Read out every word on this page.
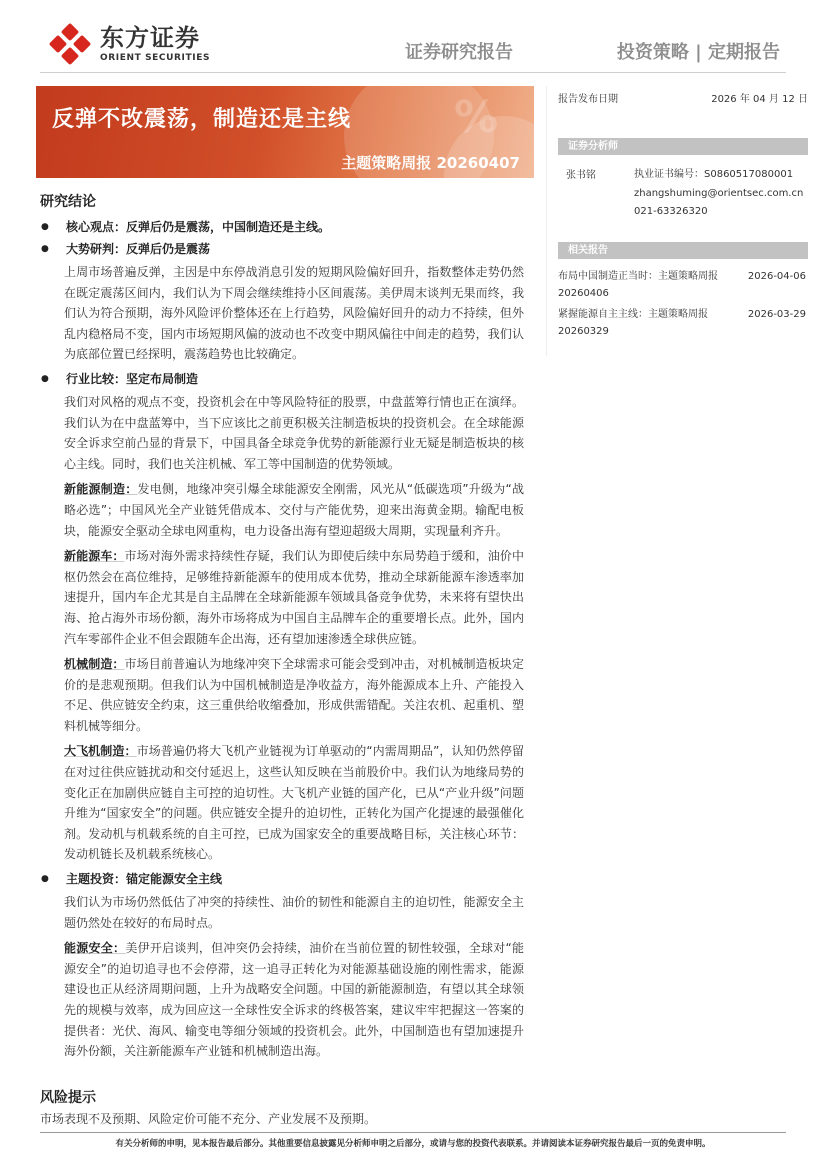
东方证券
ORIENT SECURITIES	证券研究报告	投资策略 | 定期报告
%
反弹不改震荡，制造还是主线
主题策略周报 20260407
报告发布日期	2026 年 04 月 12 日
证券分析师
张书铭	执业证书编号：S0860517080001
zhangshuming@orientsec.com.cn
021-63326320
相关报告
布局中国制造正当时：主题策略周报 20260406
2026-04-06
紧握能源自主主线：主题策略周报 20260329
2026-03-29
研究结论
● 核心观点：反弹后仍是震荡，中国制造还是主线。
● 大势研判：反弹后仍是震荡
上周市场普遍反弹，主因是中东停战消息引发的短期风险偏好回升，指数整体走势仍然在既定震荡区间内，我们认为下周会继续维持小区间震荡。美伊周末谈判无果而终，我们认为符合预期，海外风险评价整体还在上行趋势，风险偏好回升的动力不持续，但外乱内稳格局不变，国内市场短期风偏的波动也不改变中期风偏往中间走的趋势，我们认为底部位置已经探明，震荡趋势也比较确定。
● 行业比较：坚定布局制造
我们对风格的观点不变，投资机会在中等风险特征的股票，中盘蓝筹行情也正在演绎。我们认为在中盘蓝筹中，当下应该比之前更积极关注制造板块的投资机会。在全球能源安全诉求空前凸显的背景下，中国具备全球竞争优势的新能源行业无疑是制造板块的核心主线。同时，我们也关注机械、军工等中国制造的优势领域。
新能源制造：发电侧，地缘冲突引爆全球能源安全刚需，风光从“低碳选项”升级为“战略必选”；中国风光全产业链凭借成本、交付与产能优势，迎来出海黄金期。输配电板块，能源安全驱动全球电网重构，电力设备出海有望迎超级大周期，实现量利齐升。
新能源车：市场对海外需求持续性存疑，我们认为即使后续中东局势趋于缓和，油价中枢仍然会在高位维持，足够维持新能源车的使用成本优势，推动全球新能源车渗透率加速提升，国内车企尤其是自主品牌在全球新能源车领域具备竞争优势，未来将有望快出海、抢占海外市场份额，海外市场将成为中国自主品牌车企的重要增长点。此外，国内汽车零部件企业不但会跟随车企出海，还有望加速渗透全球供应链。
机械制造：市场目前普遍认为地缘冲突下全球需求可能会受到冲击，对机械制造板块定价的是悲观预期。但我们认为中国机械制造是净收益方，海外能源成本上升、产能投入不足、供应链安全约束，这三重供给收缩叠加，形成供需错配。关注农机、起重机、塑料机械等细分。
大飞机制造：市场普遍仍将大飞机产业链视为订单驱动的“内需周期品”，认知仍然停留在对过往供应链扰动和交付延迟上，这些认知反映在当前股价中。我们认为地缘局势的变化正在加剧供应链自主可控的迫切性。大飞机产业链的国产化，已从“产业升级”问题升维为“国家安全”的问题。供应链安全提升的迫切性，正转化为国产化提速的最强催化剂。发动机与机载系统的自主可控，已成为国家安全的重要战略目标，关注核心环节：发动机链长及机载系统核心。
● 主题投资：锚定能源安全主线
我们认为市场仍然低估了冲突的持续性、油价的韧性和能源自主的迫切性，能源安全主题仍然处在较好的布局时点。
能源安全：美伊开启谈判，但冲突仍会持续，油价在当前位置的韧性较强，全球对“能源安全”的迫切追寻也不会停滞，这一追寻正转化为对能源基础设施的刚性需求，能源建设也正从经济周期问题，上升为战略安全问题。中国的新能源制造，有望以其全球领先的规模与效率，成为回应这一全球性安全诉求的终极答案，建议牢牢把握这一答案的提供者：光伏、海风、输变电等细分领域的投资机会。此外，中国制造也有望加速提升海外份额，关注新能源车产业链和机械制造出海。
风险提示
市场表现不及预期、风险定价可能不充分、产业发展不及预期。
有关分析师的申明，见本报告最后部分。其他重要信息披露见分析师申明之后部分，或请与您的投资代表联系。并请阅读本证券研究报告最后一页的免责申明。
